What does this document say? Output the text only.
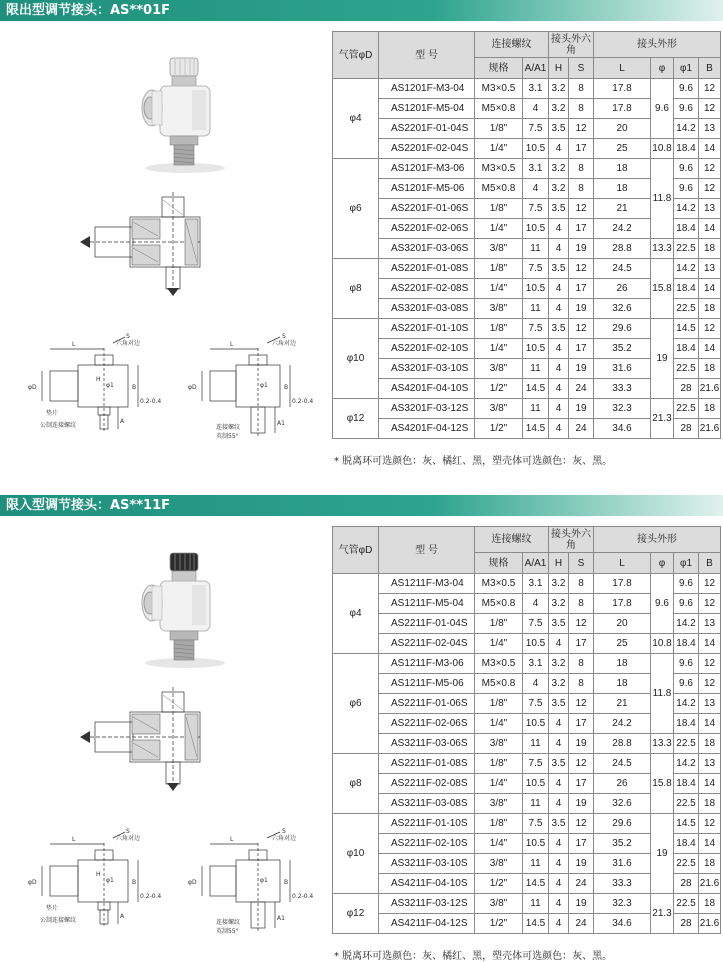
限出型调节接头：AS**01F
L	L
S	S
六角对边	六角对边
φD	φD
φ1	φ1
B	B
H
0.2-0.4	0.2-0.4
A	A1
垫片
公制连接螺纹	连接螺纹
英制55°
气管φD	型 号	连接螺纹		接头外六角		接头外形			
		规格	A/A1	H	S	L	φ	φ1	B
φ4	AS1201F-M3-04	M3×0.5	3.1	3.2	8	17.8	9.6	9.6	12
	AS1201F-M5-04	M5×0.8	4	3.2	8	17.8		9.6	12
	AS2201F-01-04S	1/8"	7.5	3.5	12	20		14.2	13
	AS2201F-02-04S	1/4"	10.5	4	17	25	10.8	18.4	14
φ6	AS1201F-M3-06	M3×0.5	3.1	3.2	8	18	11.8	9.6	12
	AS1201F-M5-06	M5×0.8	4	3.2	8	18		9.6	12
	AS2201F-01-06S	1/8"	7.5	3.5	12	21		14.2	13
	AS2201F-02-06S	1/4"	10.5	4	17	24.2		18.4	14
	AS3201F-03-06S	3/8"	11	4	19	28.8	13.3	22.5	18
φ8	AS2201F-01-08S	1/8"	7.5	3.5	12	24.5	15.8	14.2	13
	AS2201F-02-08S	1/4"	10.5	4	17	26		18.4	14
	AS3201F-03-08S	3/8"	11	4	19	32.6		22.5	18
φ10	AS2201F-01-10S	1/8"	7.5	3.5	12	29.6	19	14.5	12
	AS2201F-02-10S	1/4"	10.5	4	17	35.2		18.4	14
	AS3201F-03-10S	3/8"	11	4	19	31.6		22.5	18
	AS4201F-04-10S	1/2"	14.5	4	24	33.3		28	21.6
φ12	AS3201F-03-12S	3/8"	11	4	19	32.3	21.3	22.5	18
	AS4201F-04-12S	1/2"	14.5	4	24	34.6		28	21.6
* 脱离环可选颜色：灰、橘红、黑，塑壳体可选颜色：灰、黑。
限入型调节接头：AS**11F
L	L
S	S
六角对边	六角对边
φD	φD
φ1	φ1
B	B
H
0.2-0.4	0.2-0.4
A	A1
垫片
公制连接螺纹	连接螺纹
英制55°
气管φD	型 号	连接螺纹		接头外六角		接头外形			
		规格	A/A1	H	S	L	φ	φ1	B
φ4	AS1211F-M3-04	M3×0.5	3.1	3.2	8	17.8	9.6	9.6	12
	AS1211F-M5-04	M5×0.8	4	3.2	8	17.8		9.6	12
	AS2211F-01-04S	1/8"	7.5	3.5	12	20		14.2	13
	AS2211F-02-04S	1/4"	10.5	4	17	25	10.8	18.4	14
φ6	AS1211F-M3-06	M3×0.5	3.1	3.2	8	18	11.8	9.6	12
	AS1211F-M5-06	M5×0.8	4	3.2	8	18		9.6	12
	AS2211F-01-06S	1/8"	7.5	3.5	12	21		14.2	13
	AS2211F-02-06S	1/4"	10.5	4	17	24.2		18.4	14
	AS3211F-03-06S	3/8"	11	4	19	28.8	13.3	22.5	18
φ8	AS2211F-01-08S	1/8"	7.5	3.5	12	24.5	15.8	14.2	13
	AS2211F-02-08S	1/4"	10.5	4	17	26		18.4	14
	AS3211F-03-08S	3/8"	11	4	19	32.6		22.5	18
φ10	AS2211F-01-10S	1/8"	7.5	3.5	12	29.6	19	14.5	12
	AS2211F-02-10S	1/4"	10.5	4	17	35.2		18.4	14
	AS3211F-03-10S	3/8"	11	4	19	31.6		22.5	18
	AS4211F-04-10S	1/2"	14.5	4	24	33.3		28	21.6
φ12	AS3211F-03-12S	3/8"	11	4	19	32.3	21.3	22.5	18
	AS4211F-04-12S	1/2"	14.5	4	24	34.6		28	21.6
* 脱离环可选颜色：灰、橘红、黑，塑壳体可选颜色：灰、黑。
